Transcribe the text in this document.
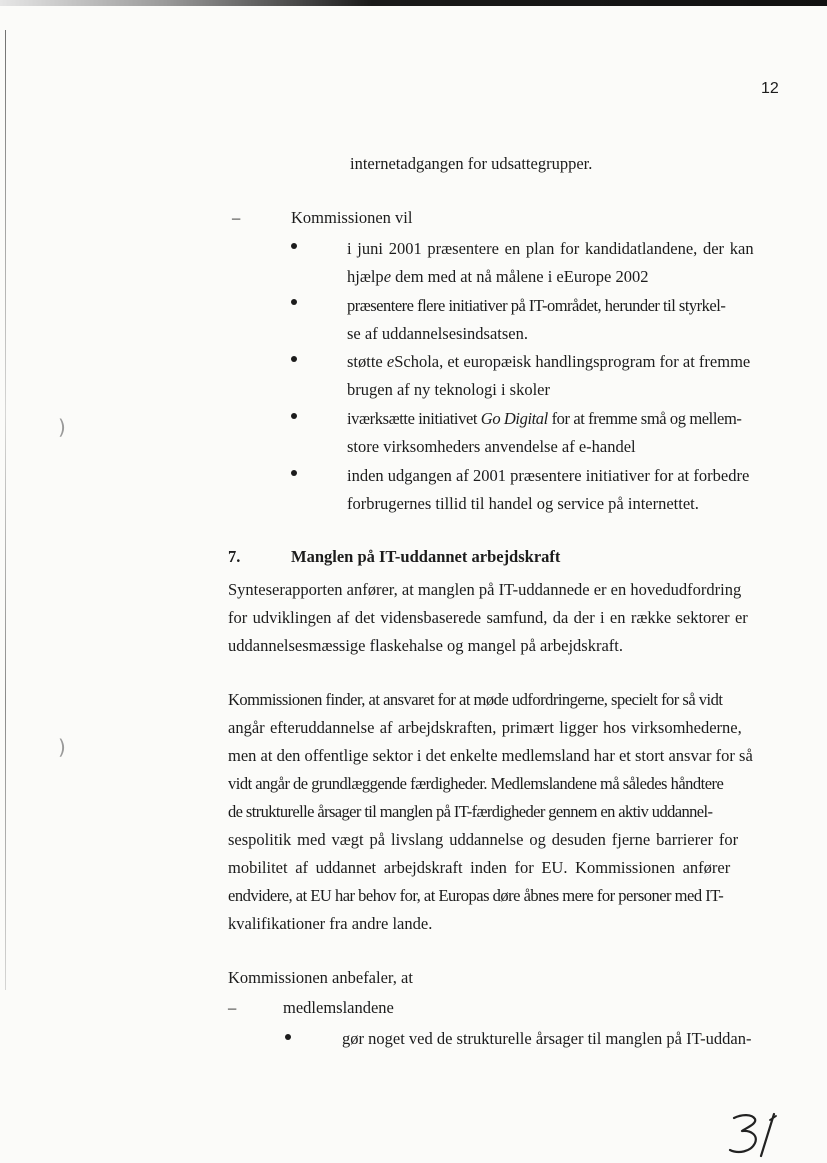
)
)
12
internetadgangen for udsattegrupper.
–	Kommissionen vil
i juni 2001 præsentere en plan for kandidatlandene, der kan
hjælpe dem med at nå målene i eEurope 2002
præsentere flere initiativer på IT-området, herunder til styrkel-
se af uddannelsesindsatsen.
støtte eSchola, et europæisk handlingsprogram for at fremme
brugen af ny teknologi i skoler
iværksætte initiativet Go Digital for at fremme små og mellem-
store virksomheders anvendelse af e-handel
inden udgangen af 2001 præsentere initiativer for at forbedre
forbrugernes tillid til handel og service på internettet.
7.	Manglen på IT-uddannet arbejdskraft
Synteserapporten anfører, at manglen på IT-uddannede er en hovedudfordring
for udviklingen af det vidensbaserede samfund, da der i en række sektorer er
uddannelsesmæssige flaskehalse og mangel på arbejdskraft.
Kommissionen finder, at ansvaret for at møde udfordringerne, specielt for så vidt
angår efteruddannelse af arbejdskraften, primært ligger hos virksomhederne,
men at den offentlige sektor i det enkelte medlemsland har et stort ansvar for så
vidt angår de grundlæggende færdigheder. Medlemslandene må således håndtere
de strukturelle årsager til manglen på IT-færdigheder gennem en aktiv uddannel-
sespolitik med vægt på livslang uddannelse og desuden fjerne barrierer for
mobilitet af uddannet arbejdskraft inden for EU. Kommissionen anfører
endvidere, at EU har behov for, at Europas døre åbnes mere for personer med IT-
kvalifikationer fra andre lande.
Kommissionen anbefaler, at
–	medlemslandene
gør noget ved de strukturelle årsager til manglen på IT-uddan-
